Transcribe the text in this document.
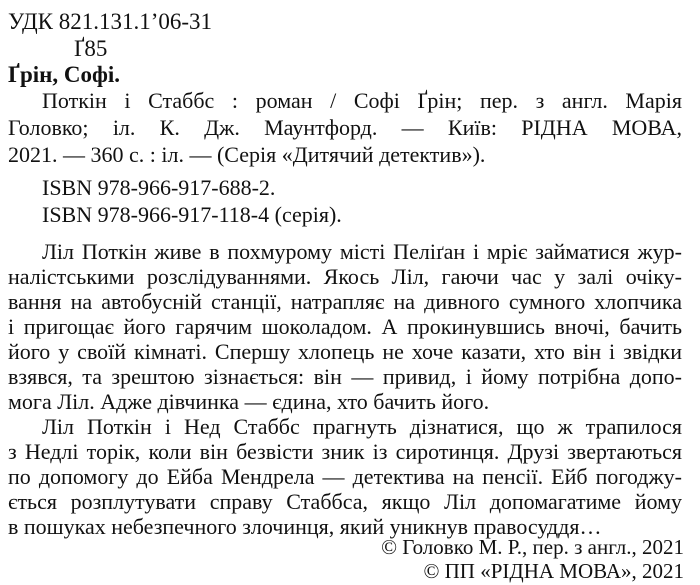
УДК 821.131.1’06-31
Ґ85
Ґрін, Софі.
Поткін і Стаббс : роман / Софі Ґрін; пер. з англ. Марія
Головко; іл. К. Дж. Маунтфорд. — Київ: РІДНА МОВА,
2021. — 360 с. : іл. — (Серія «Дитячий детектив»).
ISBN 978-966-917-688-2.
ISBN 978-966-917-118-4 (серія).
Ліл Поткін живе в похмурому місті Пеліґан і мріє займатися жур-
налістськими розслідуваннями. Якось Ліл, гаючи час у залі очіку-
вання на автобусній станції, натрапляє на дивного сумного хлопчика
і пригощає його гарячим шоколадом. А прокинувшись вночі, бачить
його у своїй кімнаті. Спершу хлопець не хоче казати, хто він і звідки
взявся, та зрештою зізнається: він — привид, і йому потрібна допо-
мога Ліл. Адже дівчинка — єдина, хто бачить його.
Ліл Поткін і Нед Стаббс прагнуть дізнатися, що ж трапилося
з Недлі торік, коли він безвісти зник із сиротинця. Друзі звертаються
по допомогу до Ейба Мендрела — детектива на пенсії. Ейб погоджу-
ється розплутувати справу Стаббса, якщо Ліл допомагатиме йому
в пошуках небезпечного злочинця, який уникнув правосуддя…
© Головко М. Р., пер. з англ., 2021
© ПП «РІДНА МОВА», 2021
